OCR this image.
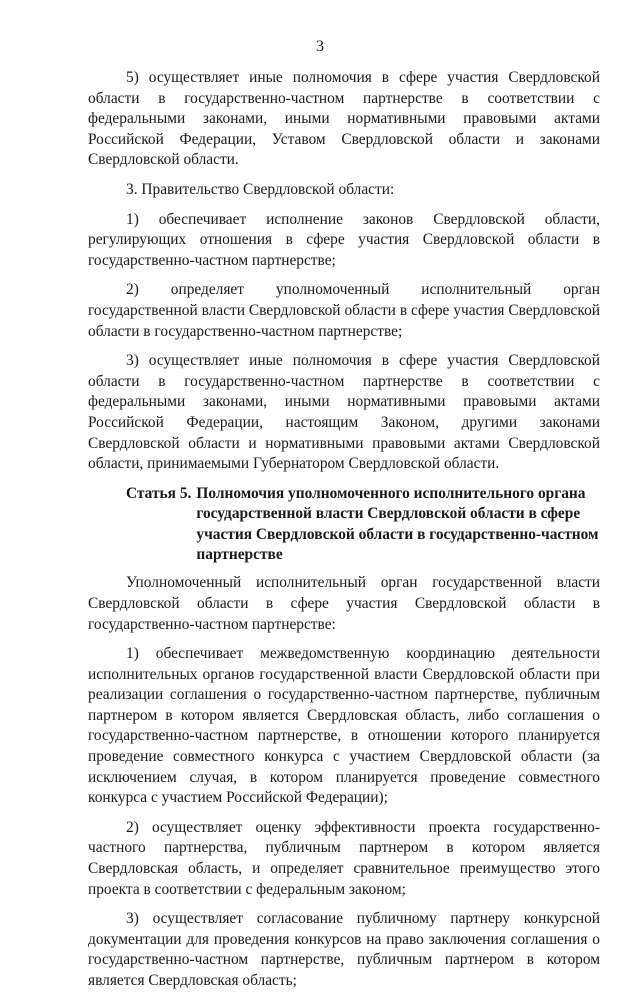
3

5) осуществляет иные полномочия в сфере участия Свердловской области в государственно-частном партнерстве в соответствии с федеральными законами, иными нормативными правовыми актами Российской Федерации, Уставом Свердловской области и законами Свердловской области.

3. Правительство Свердловской области:

1) обеспечивает исполнение законов Свердловской области, регулирующих отношения в сфере участия Свердловской области в государственно-частном партнерстве;

2) определяет уполномоченный исполнительный орган государственной власти Свердловской области в сфере участия Свердловской области в государственно-частном партнерстве;

3) осуществляет иные полномочия в сфере участия Свердловской области в государственно-частном партнерстве в соответствии с федеральными законами, иными нормативными правовыми актами Российской Федерации, настоящим Законом, другими законами Свердловской области и нормативными правовыми актами Свердловской области, принимаемыми Губернатором Свердловской области.

Статья 5. Полномочия уполномоченного исполнительного органа государственной власти Свердловской области в сфере участия Свердловской области в государственно-частном партнерстве

Уполномоченный исполнительный орган государственной власти Свердловской области в сфере участия Свердловской области в государственно-частном партнерстве:

1) обеспечивает межведомственную координацию деятельности исполнительных органов государственной власти Свердловской области при реализации соглашения о государственно-частном партнерстве, публичным партнером в котором является Свердловская область, либо соглашения о государственно-частном партнерстве, в отношении которого планируется проведение совместного конкурса с участием Свердловской области (за исключением случая, в котором планируется проведение совместного конкурса с участием Российской Федерации);

2) осуществляет оценку эффективности проекта государственно-частного партнерства, публичным партнером в котором является Свердловская область, и определяет сравнительное преимущество этого проекта в соответствии с федеральным законом;

3) осуществляет согласование публичному партнеру конкурсной документации для проведения конкурсов на право заключения соглашения о государственно-частном партнерстве, публичным партнером в котором является Свердловская область;
